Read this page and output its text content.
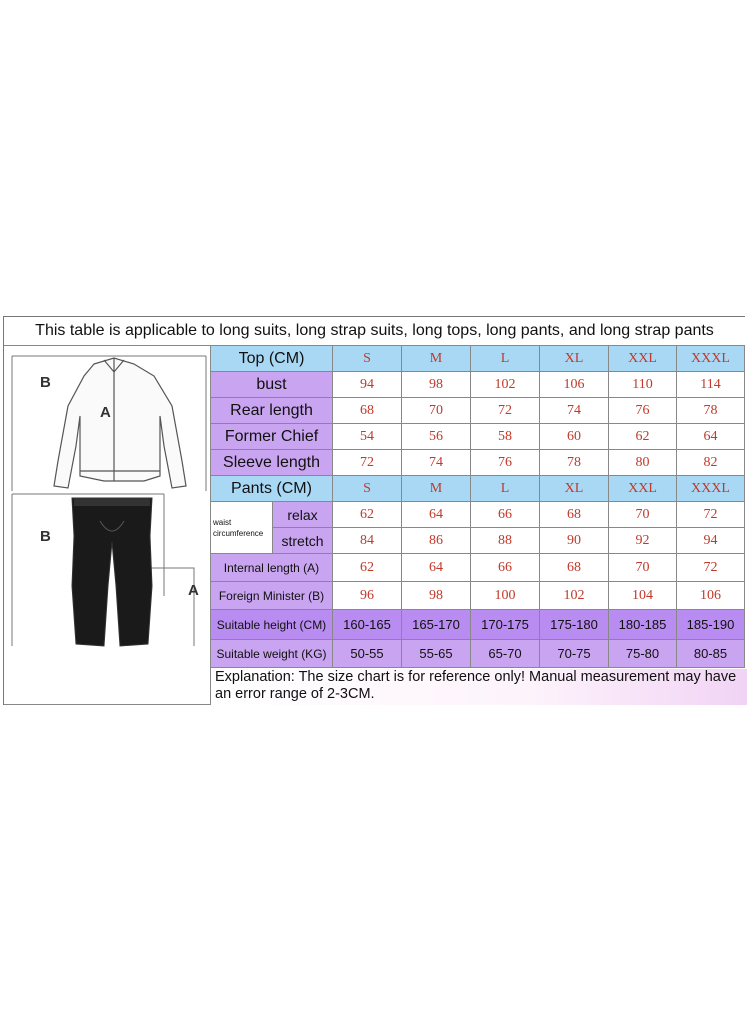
This table is applicable to long suits, long strap suits, long tops, long pants, and long strap pants
B
A
B
A
Top (CM)	S	M	L	XL	XXL	XXXL
bust	94	98	102	106	110	114
Rear length	68	70	72	74	76	78
Former Chief	54	56	58	60	62	64
Sleeve length	72	74	76	78	80	82
Pants (CM)	S	M	L	XL	XXL	XXXL
waist
circumference
relax	62	64	66	68	70	72
stretch	84	86	88	90	92	94
Internal length (A)	62	64	66	68	70	72
Foreign Minister (B)	96	98	100	102	104	106
Suitable height (CM)	160-165	165-170	170-175	175-180	180-185	185-190
Suitable weight (KG)	50-55	55-65	65-70	70-75	75-80	80-85
Explanation: The size chart is for reference only! Manual measurement may have an error range of 2-3CM.
